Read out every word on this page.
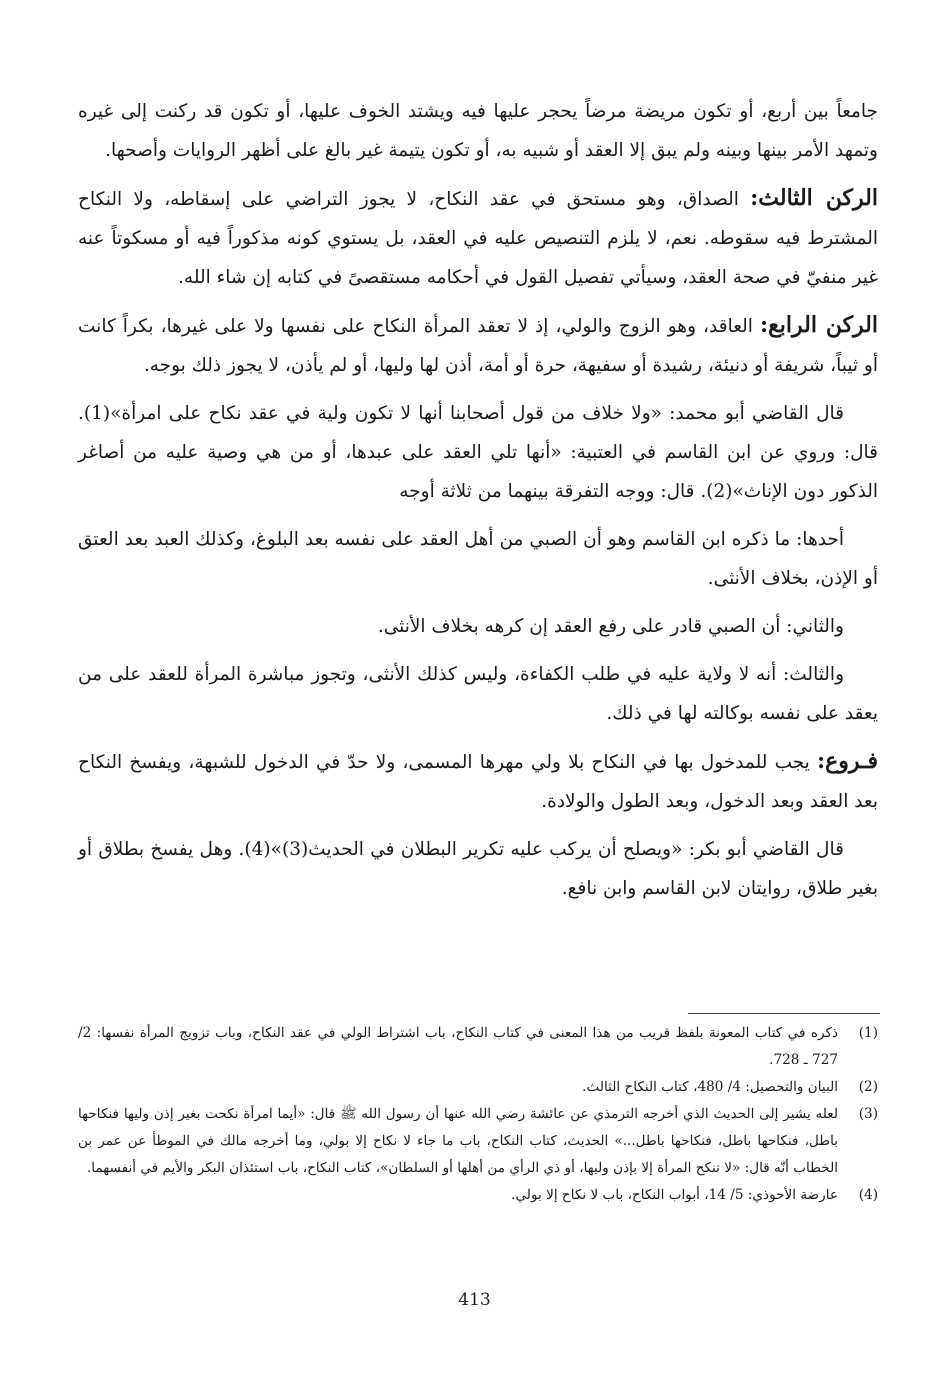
جامعاً بين أربع، أو تكون مريضة مرضاً يحجر عليها فيه ويشتد الخوف عليها، أو تكون قد ركنت إلى غيره وتمهد الأمر بينها وبينه ولم يبق إلا العقد أو شبيه به، أو تكون يتيمة غير بالغ على أظهر الروايات وأصحها.

الركن الثالث: الصداق، وهو مستحق في عقد النكاح، لا يجوز التراضي على إسقاطه، ولا النكاح المشترط فيه سقوطه. نعم، لا يلزم التنصيص عليه في العقد، بل يستوي كونه مذكوراً فيه أو مسكوتاً عنه غير منفيّ في صحة العقد، وسيأتي تفصيل القول في أحكامه مستقصىً في كتابه إن شاء الله.

الركن الرابع: العاقد، وهو الزوج والولي، إذ لا تعقد المرأة النكاح على نفسها ولا على غيرها، بكراً كانت أو ثيباً، شريفة أو دنيئة، رشيدة أو سفيهة، حرة أو أمة، أذن لها وليها، أو لم يأذن، لا يجوز ذلك بوجه.

قال القاضي أبو محمد: «ولا خلاف من قول أصحابنا أنها لا تكون ولية في عقد نكاح على امرأة»(1). قال: وروي عن ابن القاسم في العتبية: «أنها تلي العقد على عبدها، أو من هي وصية عليه من أصاغر الذكور دون الإناث»(2). قال: ووجه التفرقة بينهما من ثلاثة أوجه

أحدها: ما ذكره ابن القاسم وهو أن الصبي من أهل العقد على نفسه بعد البلوغ، وكذلك العبد بعد العتق أو الإذن، بخلاف الأنثى.

والثاني: أن الصبي قادر على رفع العقد إن كرهه بخلاف الأنثى.

والثالث: أنه لا ولاية عليه في طلب الكفاءة، وليس كذلك الأنثى، وتجوز مباشرة المرأة للعقد على من يعقد على نفسه بوكالته لها في ذلك.

فـروع: يجب للمدخول بها في النكاح بلا ولي مهرها المسمى، ولا حدّ في الدخول للشبهة، ويفسخ النكاح بعد العقد وبعد الدخول، وبعد الطول والولادة.

قال القاضي أبو بكر: «ويصلح أن يركب عليه تكرير البطلان في الحديث(3)»(4). وهل يفسخ بطلاق أو بغير طلاق، روايتان لابن القاسم وابن نافع.

(1)
ذكره في كتاب المعونة بلفظ قريب من هذا المعنى في كتاب النكاح، باب اشتراط الولي في عقد النكاح، وباب تزويج المرأة نفسها: 2/ 727 ـ 728.
(2)
البيان والتحصيل: 4/ 480، كتاب النكاح الثالث.
(3)
لعله يشير إلى الحديث الذي أخرجه الترمذي عن عائشة رضي الله عنها أن رسول الله ﷺ قال: «أيما امرأة نكحت بغير إذن وليها فنكاحها باطل، فنكاحها باطل، فنكاحها باطل...» الحديث، كتاب النكاح، باب ما جاء لا نكاح إلا بولي، وما أخرجه مالك في الموطأ عن عمر بن الخطاب أنّه قال: «لا تنكح المرأة إلا بإذن وليها، أو ذي الرأي من أهلها أو السلطان»، كتاب النكاح، باب استئذان البكر والأيم في أنفسهما.
(4)
عارضة الأحوذي: 5/ 14، أبواب النكاح، باب لا نكاح إلا بولي.
413
